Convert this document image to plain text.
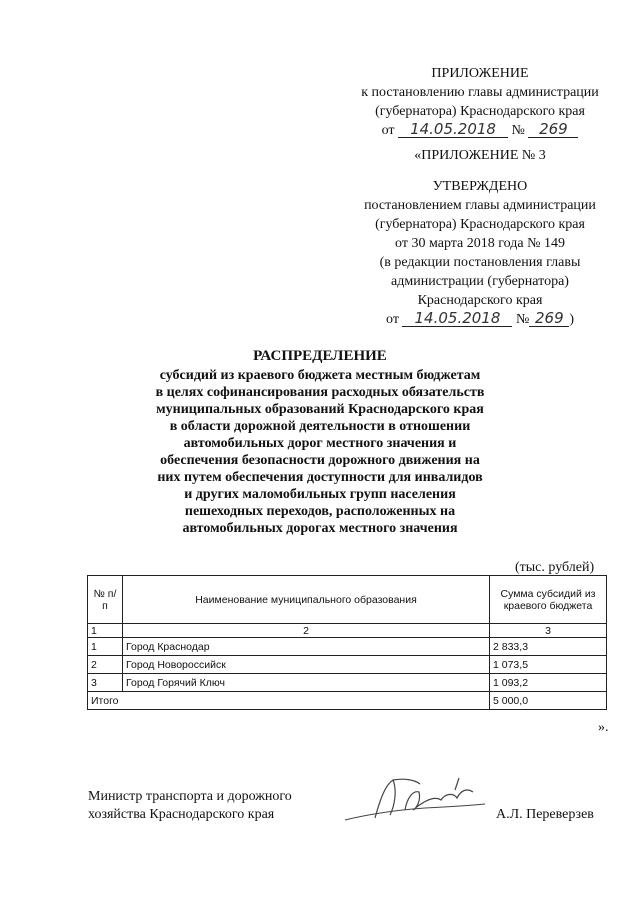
ПРИЛОЖЕНИЕ
к постановлению главы администрации
(губернатора) Краснодарского края
от 14.05.2018 № 269
«ПРИЛОЖЕНИЕ № 3
УТВЕРЖДЕНО
постановлением главы администрации
(губернатора) Краснодарского края
от 30 марта 2018 года № 149
(в редакции постановления главы
администрации (губернатора)
Краснодарского края
от 14.05.2018 № 269 )
РАСПРЕДЕЛЕНИЕ
субсидий из краевого бюджета местным бюджетам
в целях софинансирования расходных обязательств
муниципальных образований Краснодарского края
в области дорожной деятельности в отношении
автомобильных дорог местного значения и
обеспечения безопасности дорожного движения на
них путем обеспечения доступности для инвалидов
и других маломобильных групп населения
пешеходных переходов, расположенных на
автомобильных дорогах местного значения
(тыс. рублей)
№ п/п	Наименование муниципального образования	Сумма субсидий из краевого бюджета
1	2	3
1	Город Краснодар	2 833,3
2	Город Новороссийск	1 073,5
3	Город Горячий Ключ	1 093,2
Итого		5 000,0
».
Министр транспорта и дорожного
хозяйства Краснодарского края	А.Л. Переверзев
